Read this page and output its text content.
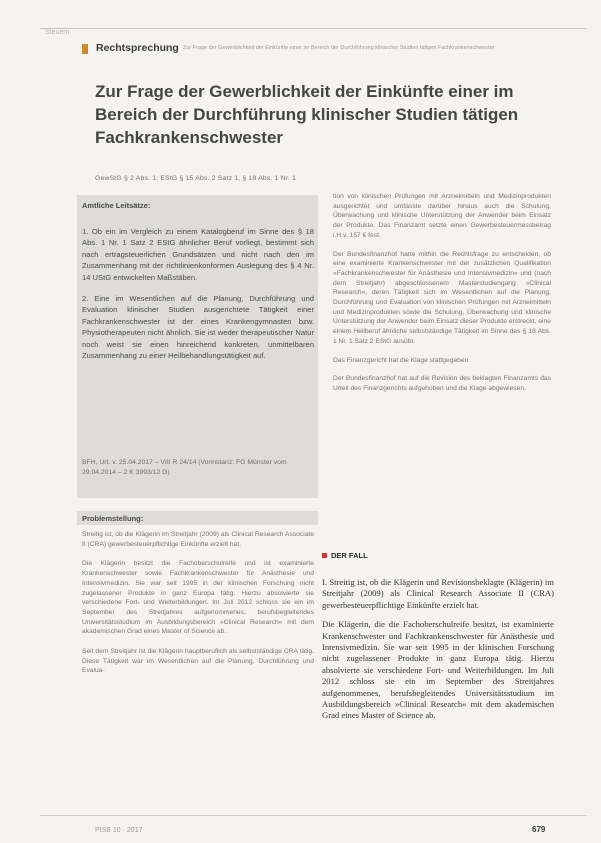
Steuern
Rechtsprechung Zur Frage der Gewerblichkeit der Einkünfte einer im Bereich der Durchführung klinischer Studien tätigen Fachkrankenschwester
Zur Frage der Gewerblichkeit der Einkünfte einer im Bereich der Durchführung klinischer Studien tätigen Fachkrankenschwester
GewStG § 2 Abs. 1; EStG § 15 Abs. 2 Satz 1, § 18 Abs. 1 Nr. 1
Amtliche Leitsätze:

1. Ob ein im Vergleich zu einem Katalogberuf im Sinne des § 18 Abs. 1 Nr. 1 Satz 2 EStG ähnlicher Beruf vorliegt, bestimmt sich nach ertragsteuerlichen Grundsätzen und nicht nach den im Zusammenhang mit der richtlinienkonformen Auslegung des § 4 Nr. 14 UStG entwickelten Maßstäben.

2. Eine im Wesentlichen auf die Planung, Durchführung und Evaluation klinischer Studien ausgerichtete Tätigkeit einer Fachkrankenschwester ist der eines Krankengymnasten bzw. Physiotherapeuten nicht ähnlich. Sie ist weder therapeutischer Natur noch weist sie einen hinreichend konkreten, unmittelbaren Zusammenhang zu einer Heilbehandlungstätigkeit auf.

BFH, Urt. v. 25.04.2017 – VIII R 24/14 (Vorinstanz: FG Münster vom 29.04.2014 – 2 K 3993/12 G)
Problemstellung:

Streitig ist, ob die Klägerin im Streitjahr (2009) als Clinical Research Associate II (CRA) gewerbesteuerpflichtige Einkünfte erzielt hat.

Die Klägerin besitzt die Fachoberschulreife und ist examinierte Krankenschwester sowie Fachkrankenschwester für Anästhesie und Intensivmedizin. Sie war seit 1995 in der klinischen Forschung nicht zugelassener Produkte in ganz Europa tätig. Hierzu absolvierte sie verschiedene Fort- und Weiterbildungen. Im Juli 2012 schloss sie ein im September des Streitjahres aufgenommenes, berufsbegleitendes Universitätsstudium im Ausbildungsbereich »Clinical Research« mit dem akademischen Grad eines Master of Science ab.

Seit dem Streitjahr ist die Klägerin hauptberuflich als selbstständige CRA tätig. Diese Tätigkeit war im Wesentlichen auf die Planung, Durchführung und Evalua-

tion von klinischen Prüfungen mit Arzneimitteln und Medizinprodukten ausgerichtet und umfasste darüber hinaus auch die Schulung, Überwachung und klinische Unterstützung der Anwender beim Einsatz der Produkte. Das Finanzamt setzte einen Gewerbesteuermessbetrag i.H.v. 157 € fest.

Der Bundesfinanzhof hatte mithin die Rechtsfrage zu entscheiden, ob eine examinierte Krankenschwester mit der zusätzlichen Qualifikation »Fachkrankenschwester für Anästhesie und Intensivmedizin« und (nach dem Streitjahr) abgeschlossenem Masterstudiengang »Clinical Research«, deren Tätigkeit sich im Wesentlichen auf die Planung, Durchführung und Evaluation von klinischen Prüfungen mit Arzneimitteln und Medizinprodukten sowie die Schulung, Überwachung und klinische Unterstützung der Anwender beim Einsatz dieser Produkte erstreckt, eine einem Heilberuf ähnliche selbstständige Tätigkeit im Sinne des § 18 Abs. 1 Nr. 1 Satz 2 EStG ausübt.

Das Finanzgericht hat die Klage stattgegeben.

Der Bundesfinanzhof hat auf die Revision des beklagten Finanzamts das Urteil des Finanzgerichts aufgehoben und die Klage abgewiesen.

DER FALL

I. Streitig ist, ob die Klägerin und Revisionsbeklagte (Klägerin) im Streitjahr (2009) als Clinical Research Associate II (CRA) gewerbesteuerpflichtige Einkünfte erzielt hat.

Die Klägerin, die die Fachoberschulreife besitzt, ist examinierte Krankenschwester und Fachkrankenschwester für Anästhesie und Intensivmedizin. Sie war seit 1995 in der klinischen Forschung nicht zugelassener Produkte in ganz Europa tätig. Hierzu absolvierte sie verschiedene Fort- und Weiterbildungen. Im Juli 2012 schloss sie ein im September des Streitjahres aufgenommenes, berufsbegleitendes Universitätsstudium im Ausbildungsbereich »Clinical Research« mit dem akademischen Grad eines Master of Science ab.

PISB 10 · 2017	679
